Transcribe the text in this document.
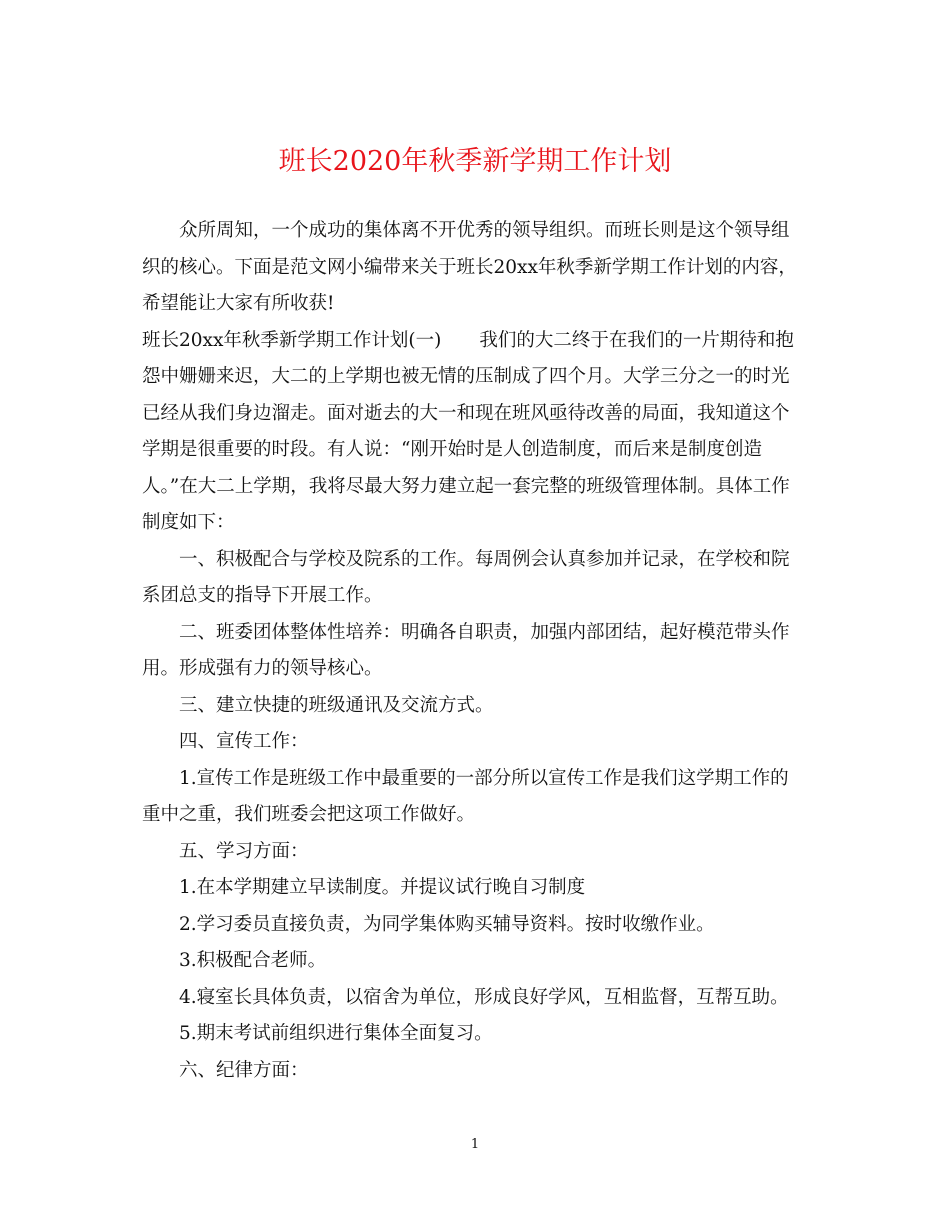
班长2020年秋季新学期工作计划
众所周知，一个成功的集体离不开优秀的领导组织。而班长则是这个领导组
织的核心。下面是范文网小编带来关于班长20xx年秋季新学期工作计划的内容，
希望能让大家有所收获!
班长20xx年秋季新学期工作计划(一) 我们的大二终于在我们的一片期待和抱
怨中姗姗来迟，大二的上学期也被无情的压制成了四个月。大学三分之一的时光
已经从我们身边溜走。面对逝去的大一和现在班风亟待改善的局面，我知道这个
学期是很重要的时段。有人说：“刚开始时是人创造制度，而后来是制度创造
人。”在大二上学期，我将尽最大努力建立起一套完整的班级管理体制。具体工作
制度如下：
一、积极配合与学校及院系的工作。每周例会认真参加并记录，在学校和院
系团总支的指导下开展工作。
二、班委团体整体性培养：明确各自职责，加强内部团结，起好模范带头作
用。形成强有力的领导核心。
三、建立快捷的班级通讯及交流方式。
四、宣传工作：
1.宣传工作是班级工作中最重要的一部分所以宣传工作是我们这学期工作的
重中之重，我们班委会把这项工作做好。
五、学习方面：
1.在本学期建立早读制度。并提议试行晚自习制度
2.学习委员直接负责，为同学集体购买辅导资料。按时收缴作业。
3.积极配合老师。
4.寝室长具体负责，以宿舍为单位，形成良好学风，互相监督，互帮互助。
5.期末考试前组织进行集体全面复习。
六、纪律方面：
1
